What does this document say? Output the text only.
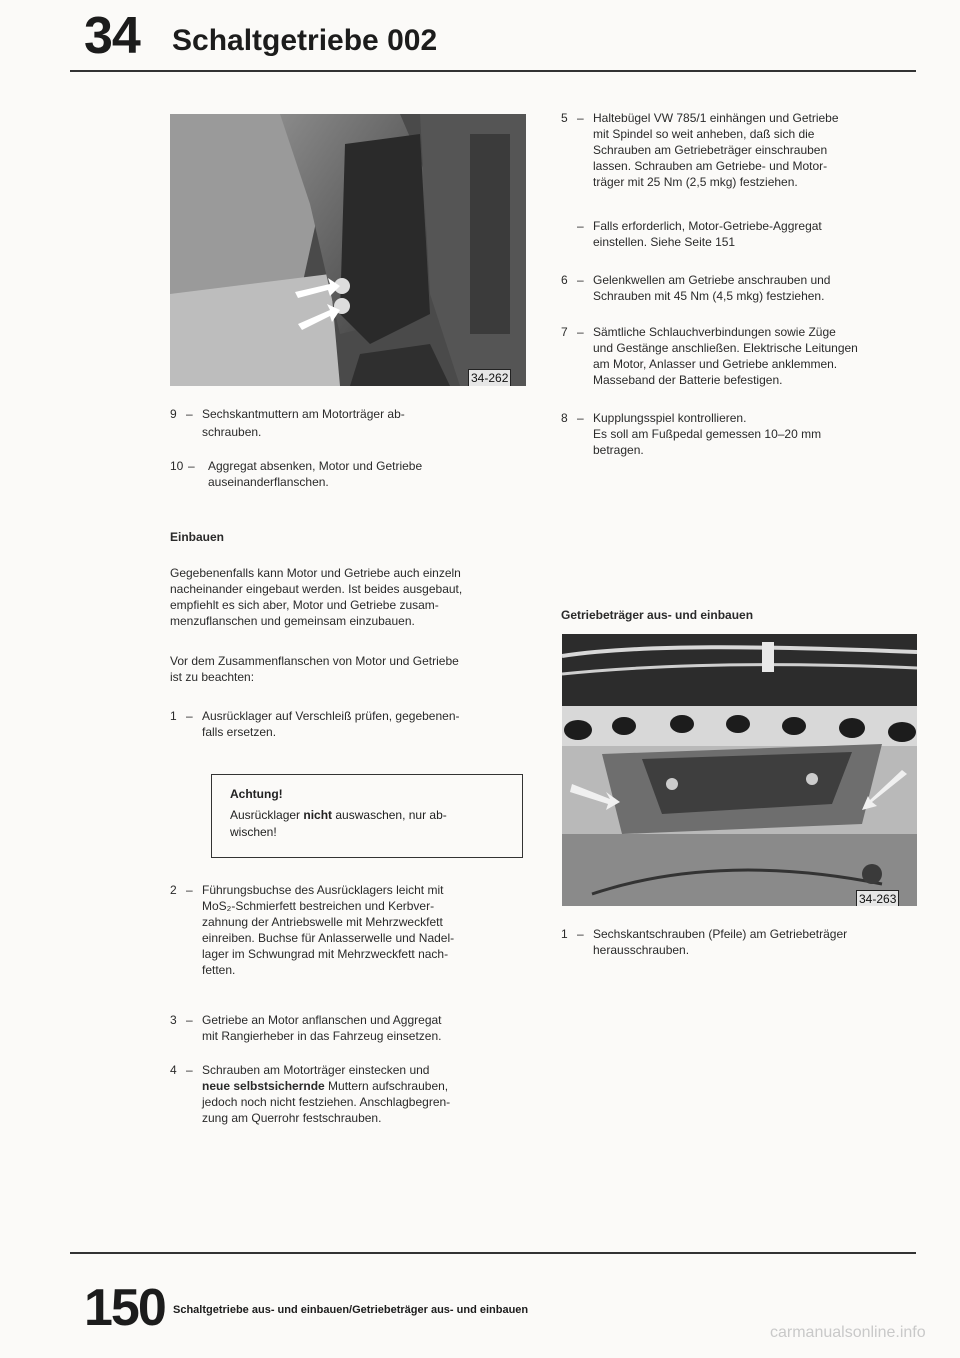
34 Schaltgetriebe 002
34-262
9 – Sechskantmuttern am Motorträger ab-
schrauben.
10 – Aggregat absenken, Motor und Getriebe
auseinanderflanschen.
Einbauen
Gegebenenfalls kann Motor und Getriebe auch einzeln
nacheinander eingebaut werden. Ist beides ausgebaut,
empfiehlt es sich aber, Motor und Getriebe zusam-
menzuflanschen und gemeinsam einzubauen.
Vor dem Zusammenflanschen von Motor und Getriebe
ist zu beachten:
1 – Ausrücklager auf Verschleiß prüfen, gegebenen-
falls ersetzen.
Achtung!
Ausrücklager nicht auswaschen, nur ab-
wischen!
2 – Führungsbuchse des Ausrücklagers leicht mit
MoS₂-Schmierfett bestreichen und Kerbver-
zahnung der Antriebswelle mit Mehrzweckfett
einreiben. Buchse für Anlasserwelle und Nadel-
lager im Schwungrad mit Mehrzweckfett nach-
fetten.
3 – Getriebe an Motor anflanschen und Aggregat
mit Rangierheber in das Fahrzeug einsetzen.
4 – Schrauben am Motorträger einstecken und
neue selbstsichernde Muttern aufschrauben,
jedoch noch nicht festziehen. Anschlagbegren-
zung am Querrohr festschrauben.
5 – Haltebügel VW 785/1 einhängen und Getriebe
mit Spindel so weit anheben, daß sich die
Schrauben am Getriebeträger einschrauben
lassen. Schrauben am Getriebe- und Motor-
träger mit 25 Nm (2,5 mkg) festziehen.
– Falls erforderlich, Motor-Getriebe-Aggregat
einstellen. Siehe Seite 151
6 – Gelenkwellen am Getriebe anschrauben und
Schrauben mit 45 Nm (4,5 mkg) festziehen.
7 – Sämtliche Schlauchverbindungen sowie Züge
und Gestänge anschließen. Elektrische Leitungen
am Motor, Anlasser und Getriebe anklemmen.
Masseband der Batterie befestigen.
8 – Kupplungsspiel kontrollieren.
Es soll am Fußpedal gemessen 10–20 mm
betragen.
Getriebeträger aus- und einbauen
34-263
1 – Sechskantschrauben (Pfeile) am Getriebeträger
herausschrauben.
150 Schaltgetriebe aus- und einbauen/Getriebeträger aus- und einbauen
carmanualsonline.info
